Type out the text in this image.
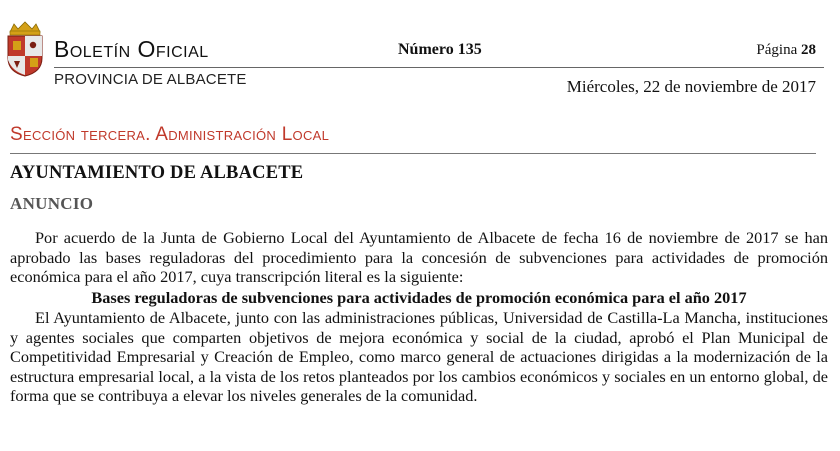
Boletín Oficial
PROVINCIA DE ALBACETE
Número 135	Página 28
Miércoles, 22 de noviembre de 2017
Sección tercera. Administración Local
AYUNTAMIENTO DE ALBACETE
ANUNCIO

Por acuerdo de la Junta de Gobierno Local del Ayuntamiento de Albacete de fecha 16 de noviembre de 2017 se han aprobado las bases reguladoras del procedimiento para la concesión de subvenciones para actividades de promoción económica para el año 2017, cuya transcripción literal es la siguiente:

Bases reguladoras de subvenciones para actividades de promoción económica para el año 2017

El Ayuntamiento de Albacete, junto con las administraciones públicas, Universidad de Castilla-La Mancha, instituciones y agentes sociales que comparten objetivos de mejora económica y social de la ciudad, aprobó el Plan Municipal de Competitividad Empresarial y Creación de Empleo, como marco general de actuaciones dirigidas a la modernización de la estructura empresarial local, a la vista de los retos planteados por los cambios económicos y sociales en un entorno global, de forma que se contribuya a elevar los niveles generales de la comunidad.
